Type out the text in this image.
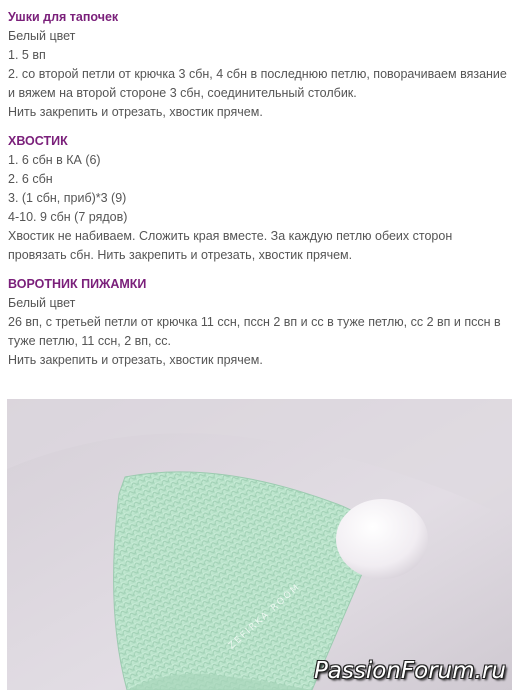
Ушки для тапочек

Белый цвет

1. 5 вп

2. со второй петли от крючка 3 сбн, 4 сбн в последнюю петлю, поворачиваем вязание

и вяжем на второй стороне 3 сбн, соединительный столбик.

Нить закрепить и отрезать, хвостик прячем.

ХВОСТИК

1. 6 сбн в КА (6)

2. 6 сбн

3. (1 сбн, приб)*3 (9)

4-10. 9 сбн (7 рядов)

Хвостик не набиваем. Сложить края вместе. За каждую петлю обеих сторон

провязать сбн. Нить закрепить и отрезать, хвостик прячем.

ВОРОТНИК ПИЖАМКИ

Белый цвет

26 вп, с третьей петли от крючка 11 ссн, пссн 2 вп и сс в туже петлю, сс 2 вп и пссн в

туже петлю, 11 ссн, 2 вп, сс.

Нить закрепить и отрезать, хвостик прячем.

ZEFIRKA ROOM
PassionForum.ru
